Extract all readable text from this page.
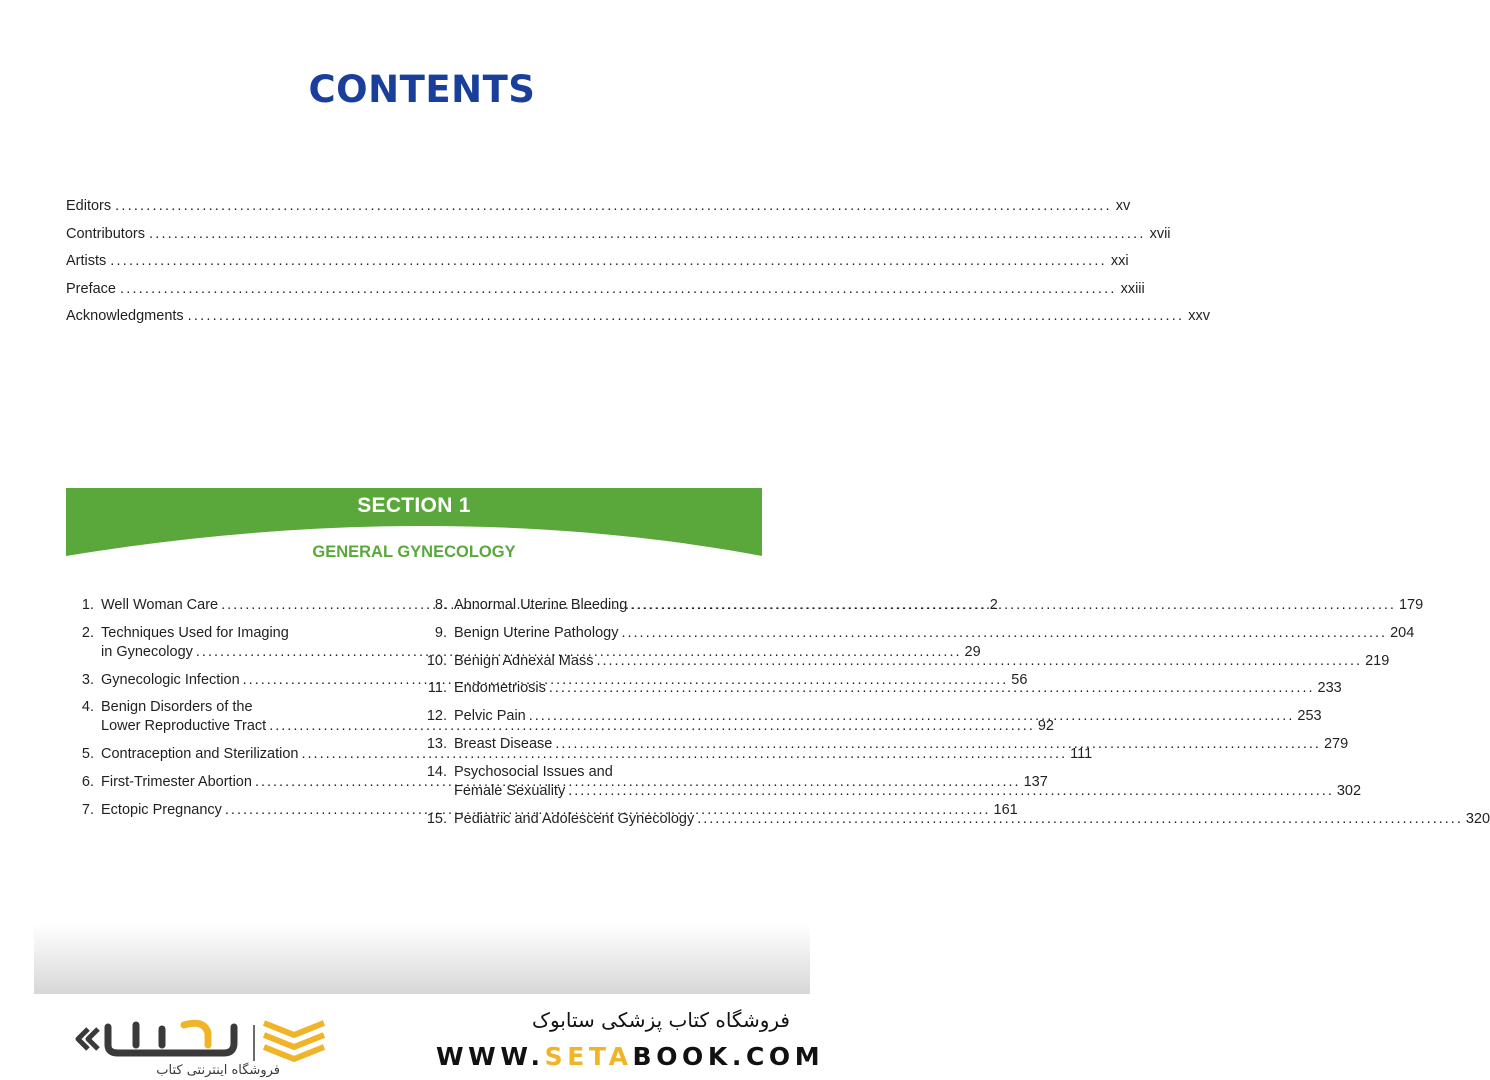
CONTENTS
Editors .....	xv
Contributors .....	xvii
Artists .....	xxi
Preface .....	xxiii
Acknowledgments .....	xxv
SECTION 1
GENERAL GYNECOLOGY
1. Well Woman Care .....	2
2. Techniques Used for Imaging
in Gynecology .....	29
3. Gynecologic Infection .....	56
4. Benign Disorders of the
Lower Reproductive Tract .....	92
5. Contraception and Sterilization .....	111
6. First-Trimester Abortion .....	137
7. Ectopic Pregnancy .....	161
8. Abnormal Uterine Bleeding .....	179
9. Benign Uterine Pathology .....	204
10. Benign Adnexal Mass .....	219
11. Endometriosis .....	233
12. Pelvic Pain .....	253
13. Breast Disease .....	279
14. Psychosocial Issues and
Female Sexuality .....	302
15. Pediatric and Adolescent Gynecology .....	320
فروشگاه اینترنتی کتاب
فروشگاه کتاب پزشکی ستابوک
WWW.SETABOOK.COM
